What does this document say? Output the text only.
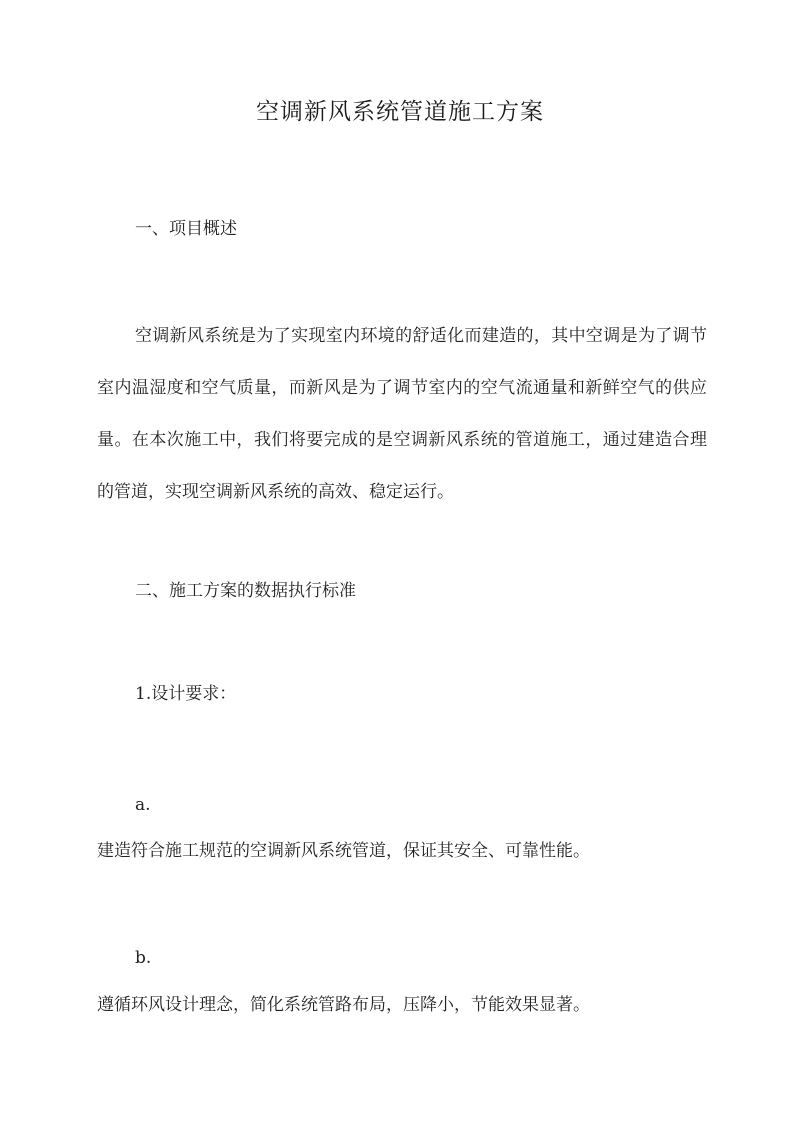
空调新风系统管道施工方案
一、项目概述
空调新风系统是为了实现室内环境的舒适化而建造的，其中空调是为了调节室内温湿度和空气质量，而新风是为了调节室内的空气流通量和新鲜空气的供应量。在本次施工中，我们将要完成的是空调新风系统的管道施工，通过建造合理的管道，实现空调新风系统的高效、稳定运行。
二、施工方案的数据执行标准
1.设计要求：
a.
建造符合施工规范的空调新风系统管道，保证其安全、可靠性能。
b.
遵循环风设计理念，简化系统管路布局，压降小，节能效果显著。
